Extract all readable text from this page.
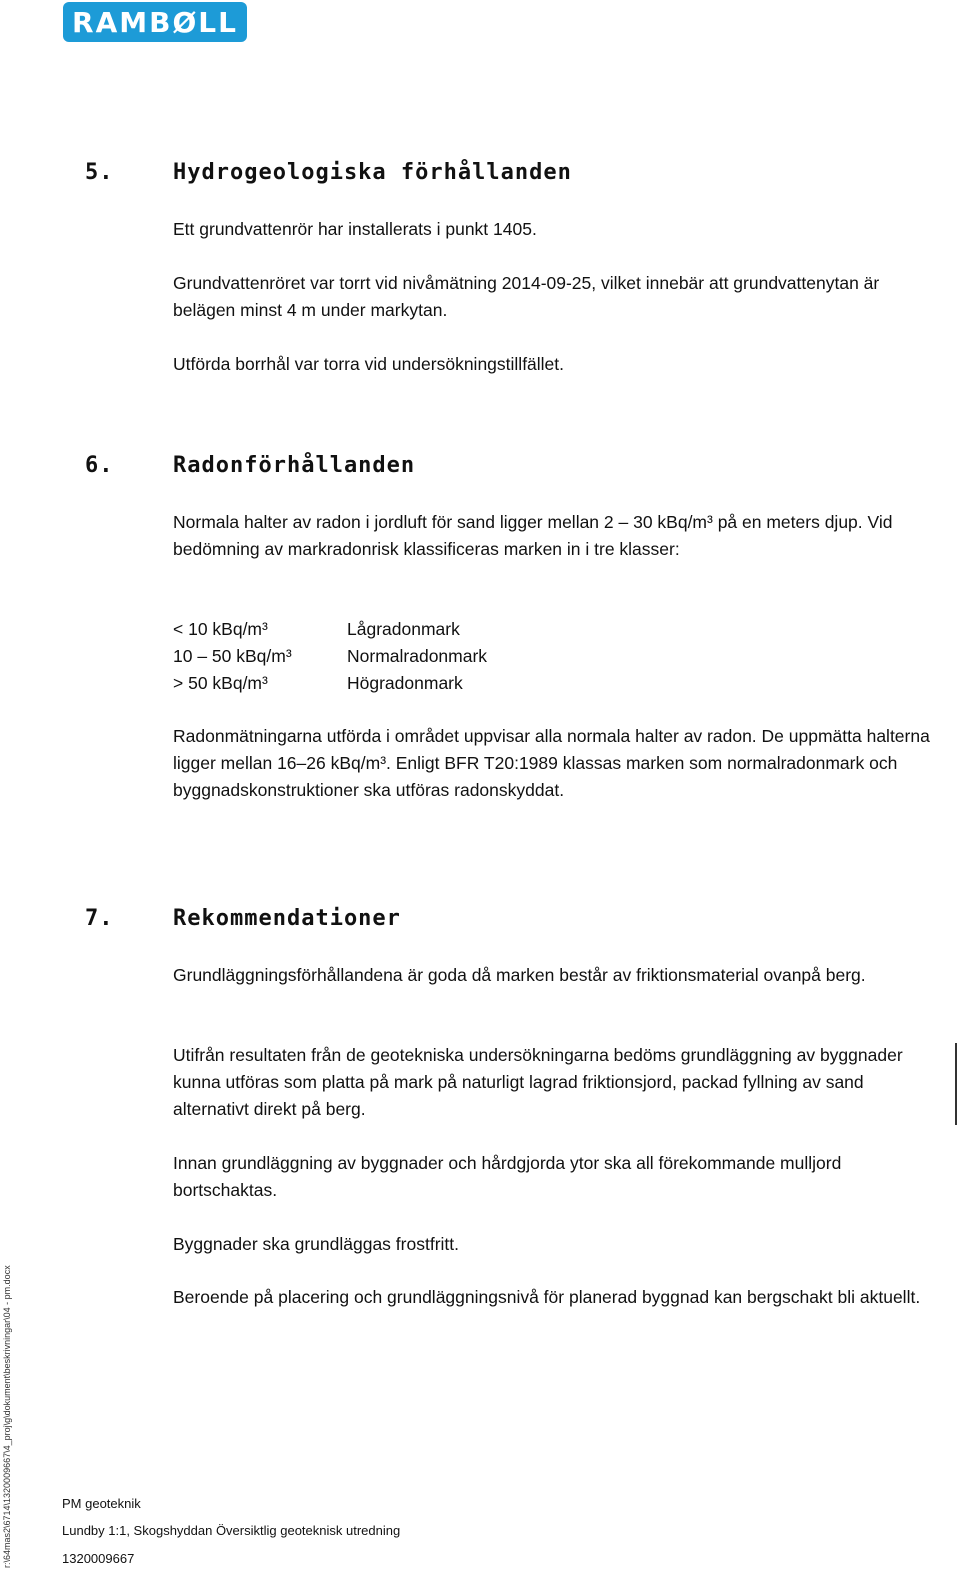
RAMBØLL
5.	Hydrogeologiska förhållanden

Ett grundvattenrör har installerats i punkt 1405.

Grundvattenröret var torrt vid nivåmätning 2014-09-25, vilket innebär att grundvattenytan är belägen minst 4 m under markytan.

Utförda borrhål var torra vid undersökningstillfället.

6.	Radonförhållanden

Normala halter av radon i jordluft för sand ligger mellan 2 – 30 kBq/m³ på en meters djup. Vid bedömning av markradonrisk klassificeras marken in i tre klasser:

< 10 kBq/m³	Lågradonmark
10 – 50 kBq/m³	Normalradonmark
> 50 kBq/m³	Högradonmark

Radonmätningarna utförda i området uppvisar alla normala halter av radon. De uppmätta halterna ligger mellan 16–26 kBq/m³. Enligt BFR T20:1989 klassas marken som normalradonmark och byggnadskonstruktioner ska utföras radonskyddat.

7.	Rekommendationer

Grundläggningsförhållandena är goda då marken består av friktionsmaterial ovanpå berg.

Utifrån resultaten från de geotekniska undersökningarna bedöms grundläggning av byggnader kunna utföras som platta på mark på naturligt lagrad friktionsjord, packad fyllning av sand alternativt direkt på berg.

Innan grundläggning av byggnader och hårdgjorda ytor ska all förekommande mulljord bortschaktas.

Byggnader ska grundläggas frostfritt.

Beroende på placering och grundläggningsnivå för planerad byggnad kan bergschakt bli aktuellt.

r:\64mas2\6714\1320009667\4_proj\g\dokument\beskrivningar\04 - pm.docx	PM geoteknik
Lundby 1:1, Skogshyddan Översiktlig geoteknisk utredning
1320009667
